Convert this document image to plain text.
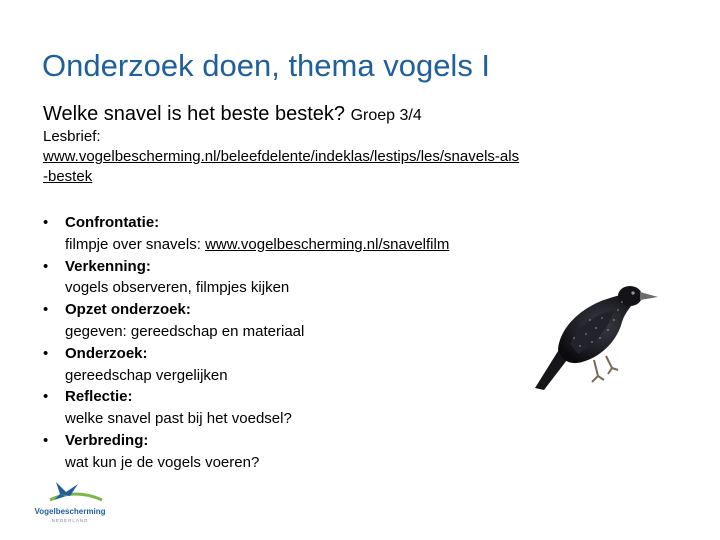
Onderzoek doen, thema vogels I
Welke snavel is het beste bestek? Groep 3/4
Lesbrief:
www.vogelbescherming.nl/beleefdelente/indeklas/lestips/les/snavels-als
-bestek
• Confrontatie:
filmpje over snavels: www.vogelbescherming.nl/snavelfilm
• Verkenning:
vogels observeren, filmpjes kijken
• Opzet onderzoek:
gegeven: gereedschap en materiaal
• Onderzoek:
gereedschap vergelijken
• Reflectie:
welke snavel past bij het voedsel?
• Verbreding:
wat kun je de vogels voeren?
Vogelbescherming
NEDERLAND
